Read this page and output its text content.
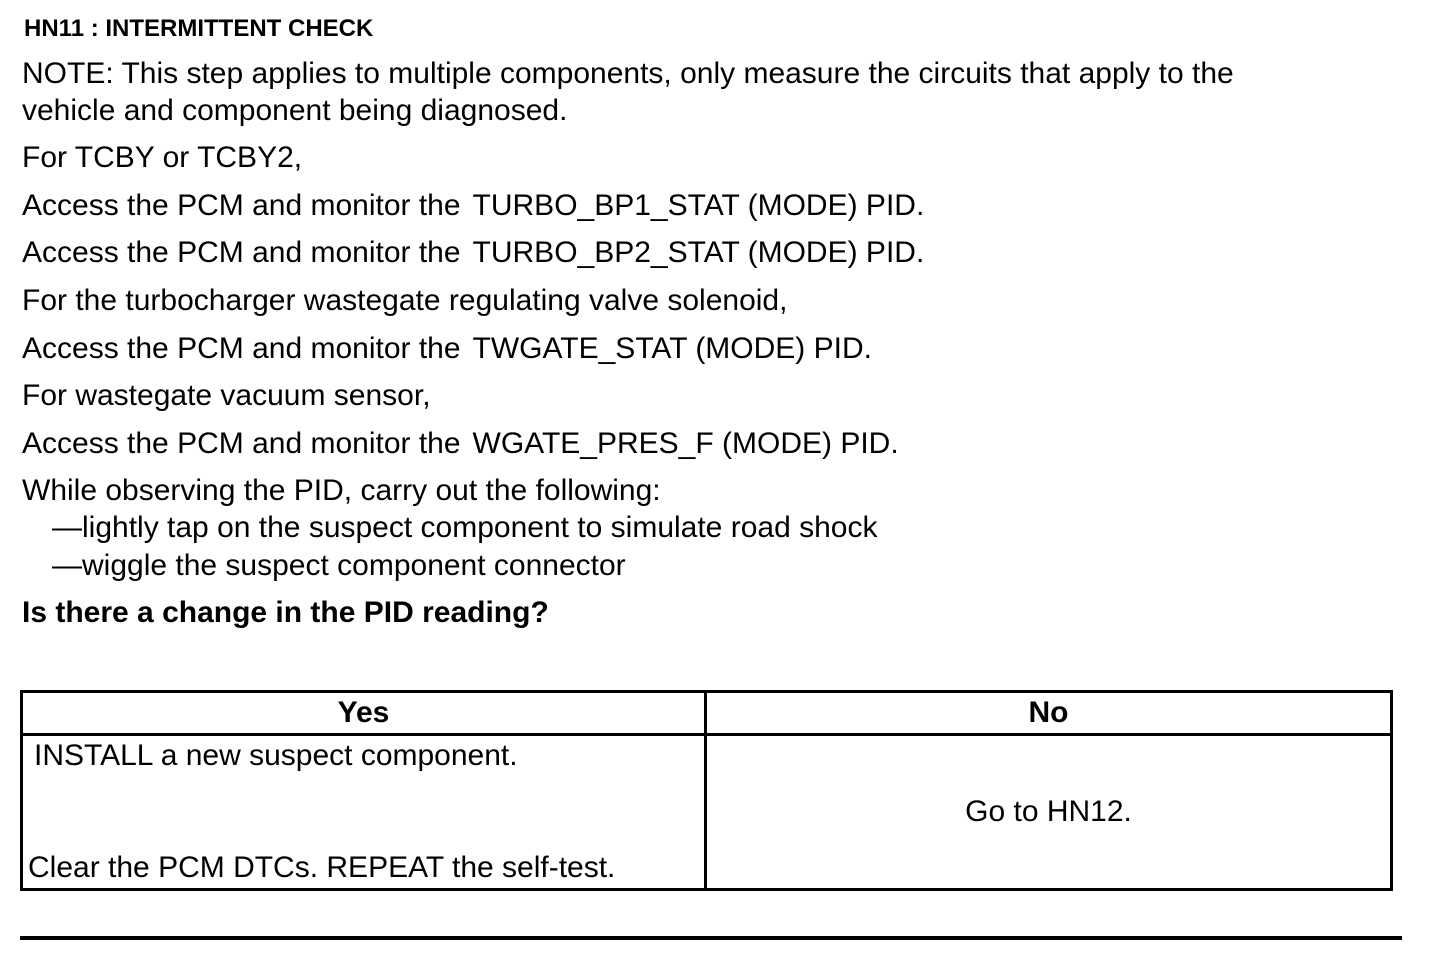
HN11 : INTERMITTENT CHECK
NOTE: This step applies to multiple components, only measure the circuits that apply to the
vehicle and component being diagnosed.
For TCBY or TCBY2,
Access the PCM and monitor the TURBO_BP1_STAT (MODE) PID.
Access the PCM and monitor the TURBO_BP2_STAT (MODE) PID.
For the turbocharger wastegate regulating valve solenoid,
Access the PCM and monitor the TWGATE_STAT (MODE) PID.
For wastegate vacuum sensor,
Access the PCM and monitor the WGATE_PRES_F (MODE) PID.
While observing the PID, carry out the following:
—lightly tap on the suspect component to simulate road shock
—wiggle the suspect component connector
Is there a change in the PID reading?
Yes	No

INSTALL a new suspect component.
Clear the PCM DTCs. REPEAT the self-test.	Go to HN12.
